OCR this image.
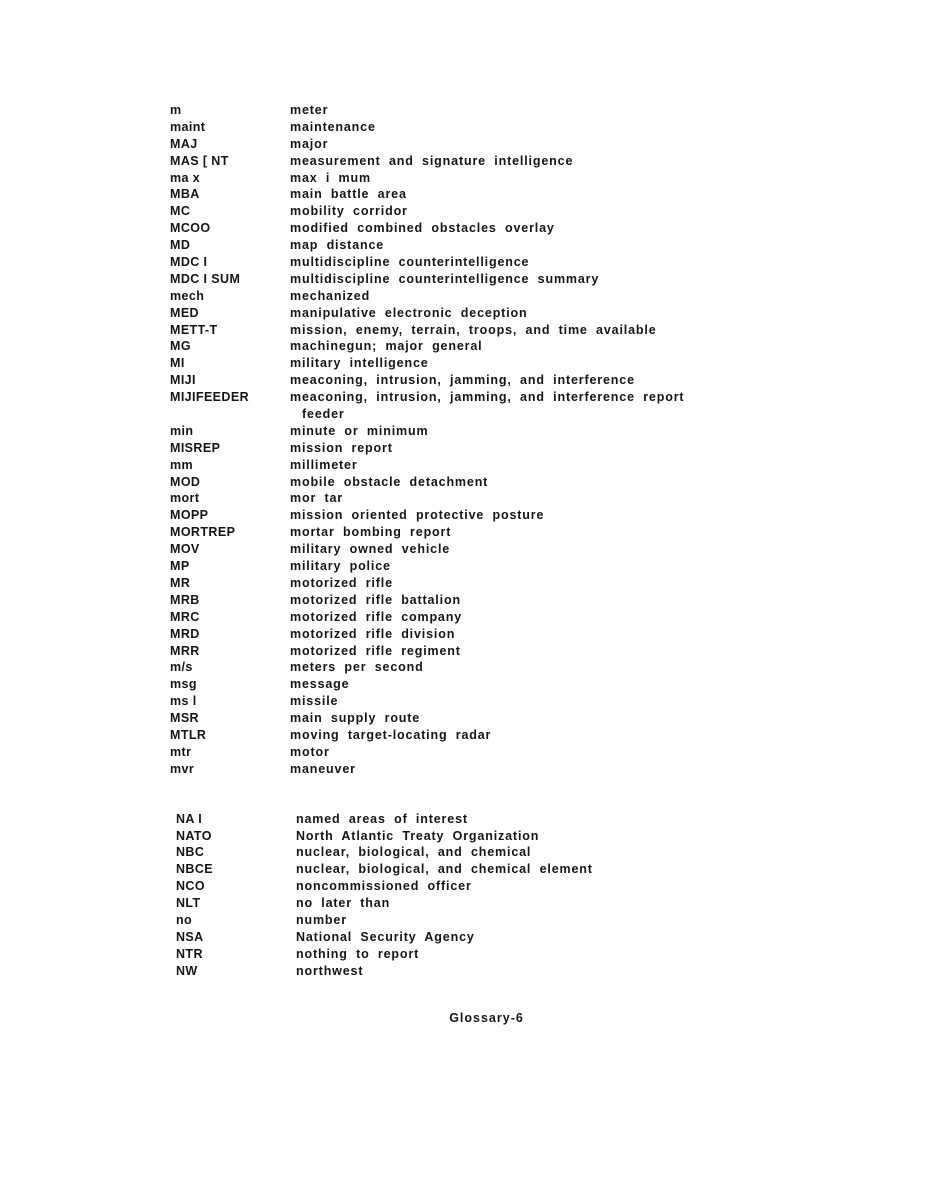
m	meter
maint	maintenance
MAJ	major
MAS [ NT	measurement and signature intelligence
ma x	max i mum
MBA	main battle area
MC	mobility corridor
MCOO	modified combined obstacles overlay
MD	map distance
MDC I	multidiscipline counterintelligence
MDC I SUM	multidiscipline counterintelligence summary
mech	mechanized
MED	manipulative electronic deception
METT-T	mission, enemy, terrain, troops, and time available
MG	machinegun; major general
MI	military intelligence
MIJI	meaconing, intrusion, jamming, and interference
MIJIFEEDER	meaconing, intrusion, jamming, and interference report
feeder
min	minute or minimum
MISREP	mission report
mm	millimeter
MOD	mobile obstacle detachment
mort	mor tar
MOPP	mission oriented protective posture
MORTREP	mortar bombing report
MOV	military owned vehicle
MP	military police
MR	motorized rifle
MRB	motorized rifle battalion
MRC	motorized rifle company
MRD	motorized rifle division
MRR	motorized rifle regiment
m/s	meters per second
msg	message
ms l	missile
MSR	main supply route
MTLR	moving target-locating radar
mtr	motor
mvr	maneuver
NA I	named areas of interest
NATO	North Atlantic Treaty Organization
NBC	nuclear, biological, and chemical
NBCE	nuclear, biological, and chemical element
NCO	noncommissioned officer
NLT	no later than
no	number
NSA	National Security Agency
NTR	nothing to report
NW	northwest
Glossary-6
